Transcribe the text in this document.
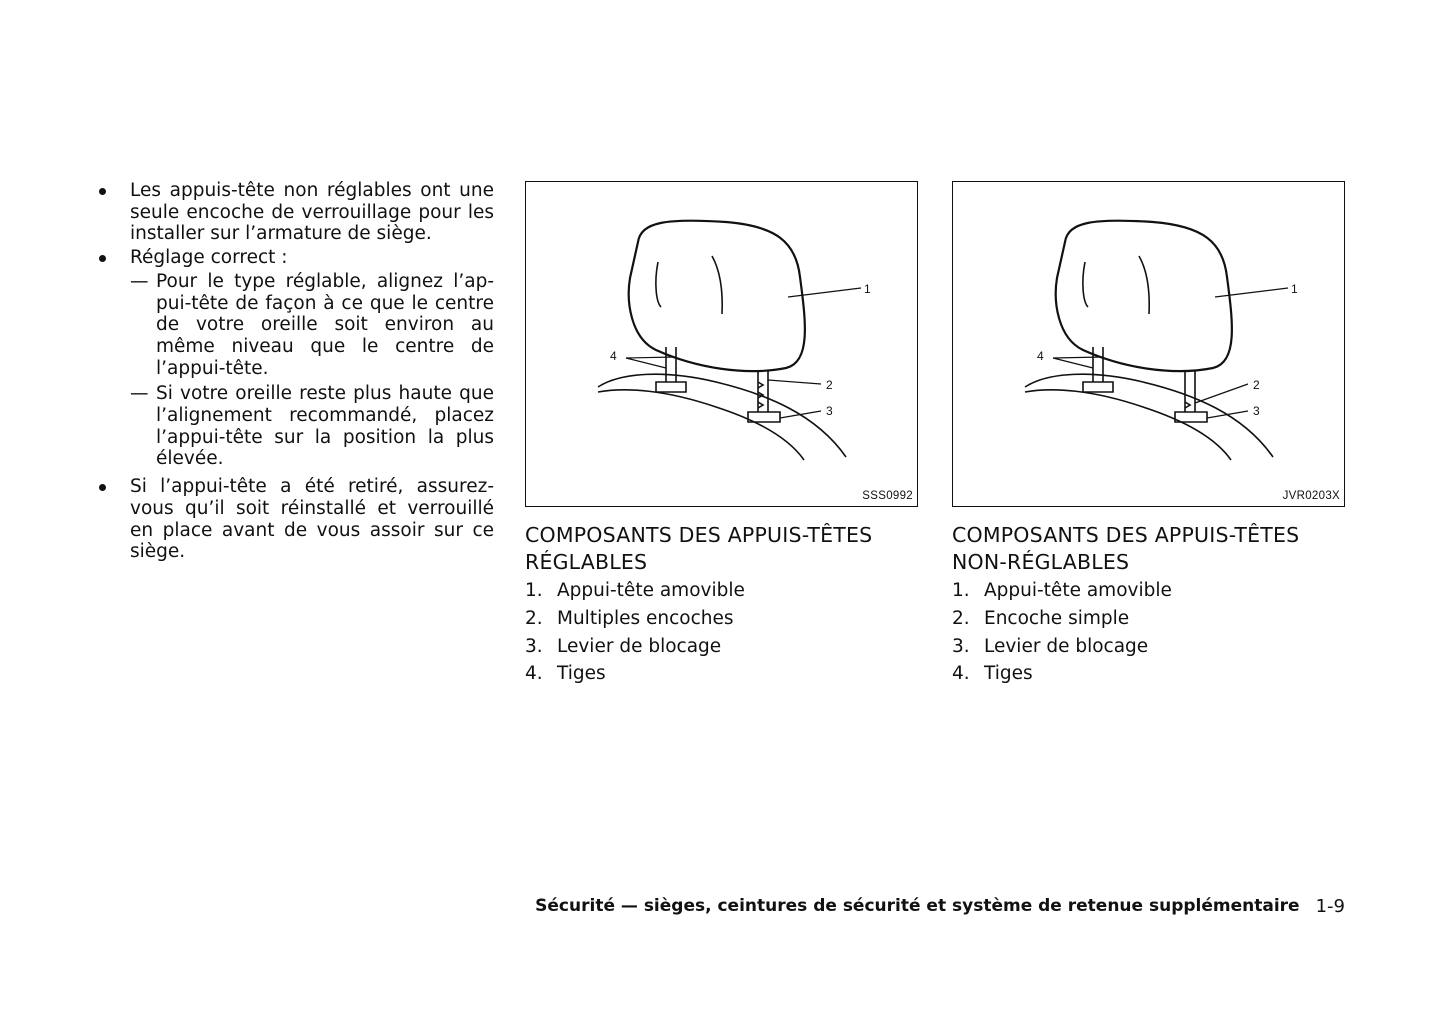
Les appuis-tête non réglables ont une seule encoche de verrouillage pour les installer sur l’armature de siège.
Réglage correct :
— Pour le type réglable, alignez l’appui-tête de façon à ce que le centre de votre oreille soit environ au même niveau que le centre de l’appui-tête.
— Si votre oreille reste plus haute que l’alignement recommandé, placez l’appui-tête sur la position la plus élevée.
Si l’appui-tête a été retiré, assurez-vous qu’il soit réinstallé et verrouillé en place avant de vous assoir sur ce siège.
1
2
3
4
SSS0992
1
2
3
4
JVR0203X
COMPOSANTS DES APPUIS-TÊTES RÉGLABLES
1. Appui-tête amovible
2. Multiples encoches
3. Levier de blocage
4. Tiges
COMPOSANTS DES APPUIS-TÊTES NON-RÉGLABLES
1. Appui-tête amovible
2. Encoche simple
3. Levier de blocage
4. Tiges
Sécurité — sièges, ceintures de sécurité et système de retenue supplémentaire 1-9
